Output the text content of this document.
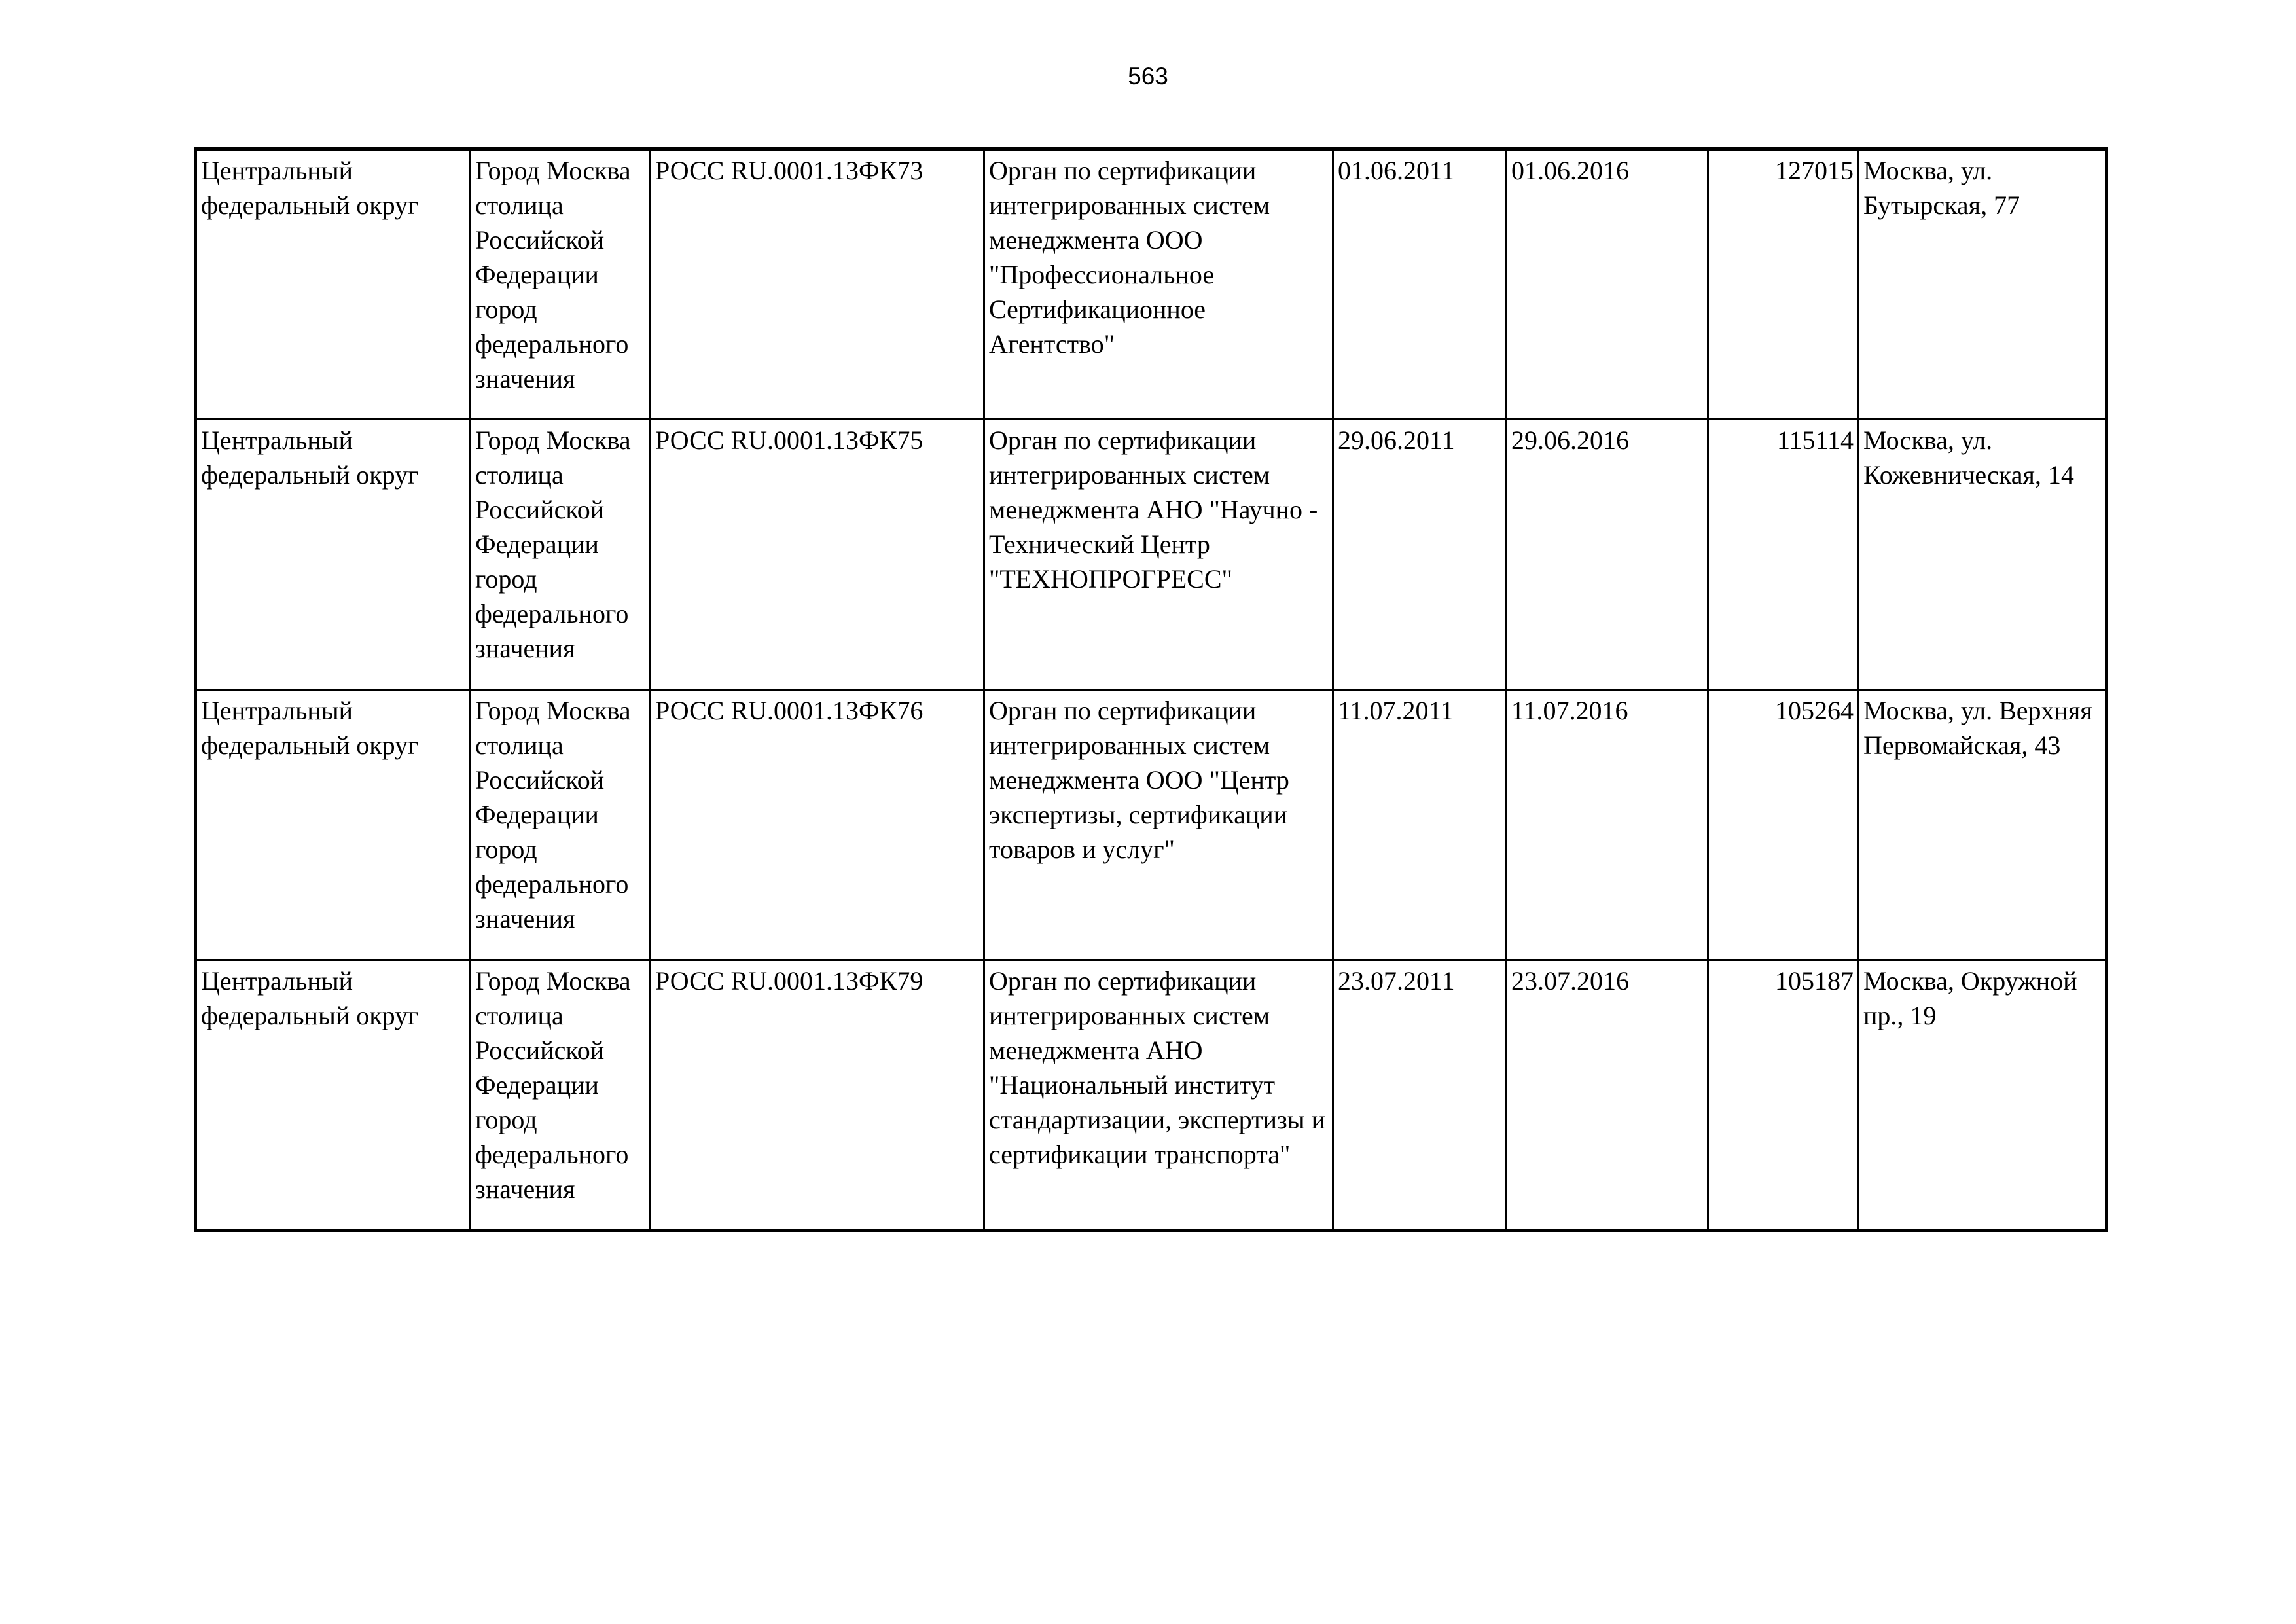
563
Центральный федеральный округ	Город Москва столица Российской Федерации город федерального значения	РОСС RU.0001.13ФК73	Орган по сертификации интегрированных систем менеджмента ООО "Профессиональное Сертификационное Агентство"	01.06.2011	01.06.2016	127015	Москва, ул. Бутырская, 77

Центральный федеральный округ	Город Москва столица Российской Федерации город федерального значения	РОСС RU.0001.13ФК75	Орган по сертификации интегрированных систем менеджмента АНО "Научно - Технический Центр "ТЕХНОПРОГРЕСС"	29.06.2011	29.06.2016	115114	Москва, ул. Кожевническая, 14

Центральный федеральный округ	Город Москва столица Российской Федерации город федерального значения	РОСС RU.0001.13ФК76	Орган по сертификации интегрированных систем менеджмента ООО "Центр экспертизы, сертификации товаров и услуг"	11.07.2011	11.07.2016	105264	Москва, ул. Верхняя Первомайская, 43

Центральный федеральный округ	Город Москва столица Российской Федерации город федерального значения	РОСС RU.0001.13ФК79	Орган по сертификации интегрированных систем менеджмента АНО "Национальный институт стандартизации, экспертизы и сертификации транспорта"	23.07.2011	23.07.2016	105187	Москва, Окружной пр., 19
